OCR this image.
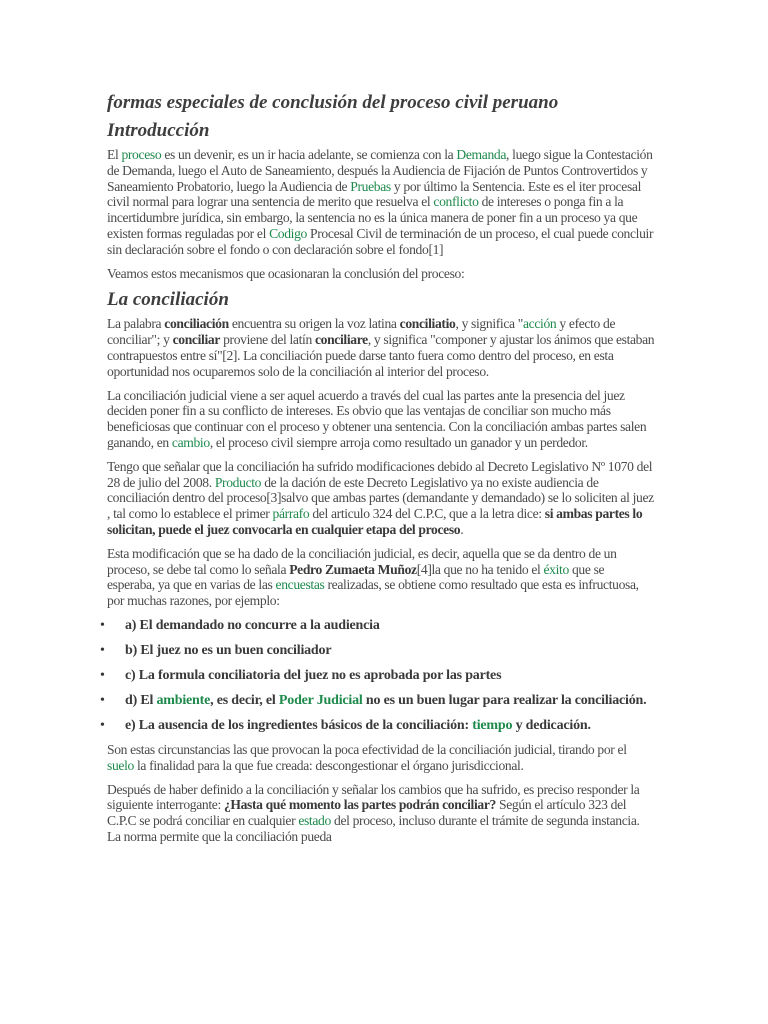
formas especiales de conclusión del proceso civil peruano
Introducción

El proceso es un devenir, es un ir hacia adelante, se comienza con la Demanda, luego sigue la Contestación de Demanda, luego el Auto de Saneamiento, después la Audiencia de Fijación de Puntos Controvertidos y Saneamiento Probatorio, luego la Audiencia de Pruebas y por último la Sentencia. Este es el iter procesal civil normal para lograr una sentencia de merito que resuelva el conflicto de intereses o ponga fin a la incertidumbre jurídica, sin embargo, la sentencia no es la única manera de poner fin a un proceso ya que existen formas reguladas por el Codigo Procesal Civil de terminación de un proceso, el cual puede concluir sin declaración sobre el fondo o con declaración sobre el fondo[1]

Veamos estos mecanismos que ocasionaran la conclusión del proceso:

La conciliación

La palabra conciliación encuentra su origen la voz latina conciliatio, y significa "acción y efecto de conciliar"; y conciliar proviene del latín conciliare, y significa "componer y ajustar los ánimos que estaban contrapuestos entre sí"[2]. La conciliación puede darse tanto fuera como dentro del proceso, en esta oportunidad nos ocuparemos solo de la conciliación al interior del proceso.

La conciliación judicial viene a ser aquel acuerdo a través del cual las partes ante la presencia del juez deciden poner fin a su conflicto de intereses. Es obvio que las ventajas de conciliar son mucho más beneficiosas que continuar con el proceso y obtener una sentencia. Con la conciliación ambas partes salen ganando, en cambio, el proceso civil siempre arroja como resultado un ganador y un perdedor.

Tengo que señalar que la conciliación ha sufrido modificaciones debido al Decreto Legislativo Nº 1070 del 28 de julio del 2008. Producto de la dación de este Decreto Legislativo ya no existe audiencia de conciliación dentro del proceso[3]salvo que ambas partes (demandante y demandado) se lo soliciten al juez , tal como lo establece el primer párrafo del articulo 324 del C.P.C, que a la letra dice: si ambas partes lo solicitan, puede el juez convocarla en cualquier etapa del proceso.

Esta modificación que se ha dado de la conciliación judicial, es decir, aquella que se da dentro de un proceso, se debe tal como lo señala Pedro Zumaeta Muñoz[4]la que no ha tenido el éxito que se esperaba, ya que en varias de las encuestas realizadas, se obtiene como resultado que esta es infructuosa, por muchas razones, por ejemplo:

• a) El demandado no concurre a la audiencia
• b) El juez no es un buen conciliador
• c) La formula conciliatoria del juez no es aprobada por las partes
• d) El ambiente, es decir, el Poder Judicial no es un buen lugar para realizar la conciliación.
• e) La ausencia de los ingredientes básicos de la conciliación: tiempo y dedicación.

Son estas circunstancias las que provocan la poca efectividad de la conciliación judicial, tirando por el suelo la finalidad para la que fue creada: descongestionar el órgano jurisdiccional.

Después de haber definido a la conciliación y señalar los cambios que ha sufrido, es preciso responder la siguiente interrogante: ¿Hasta qué momento las partes podrán conciliar? Según el artículo 323 del C.P.C se podrá conciliar en cualquier estado del proceso, incluso durante el trámite de segunda instancia. La norma permite que la conciliación pueda
